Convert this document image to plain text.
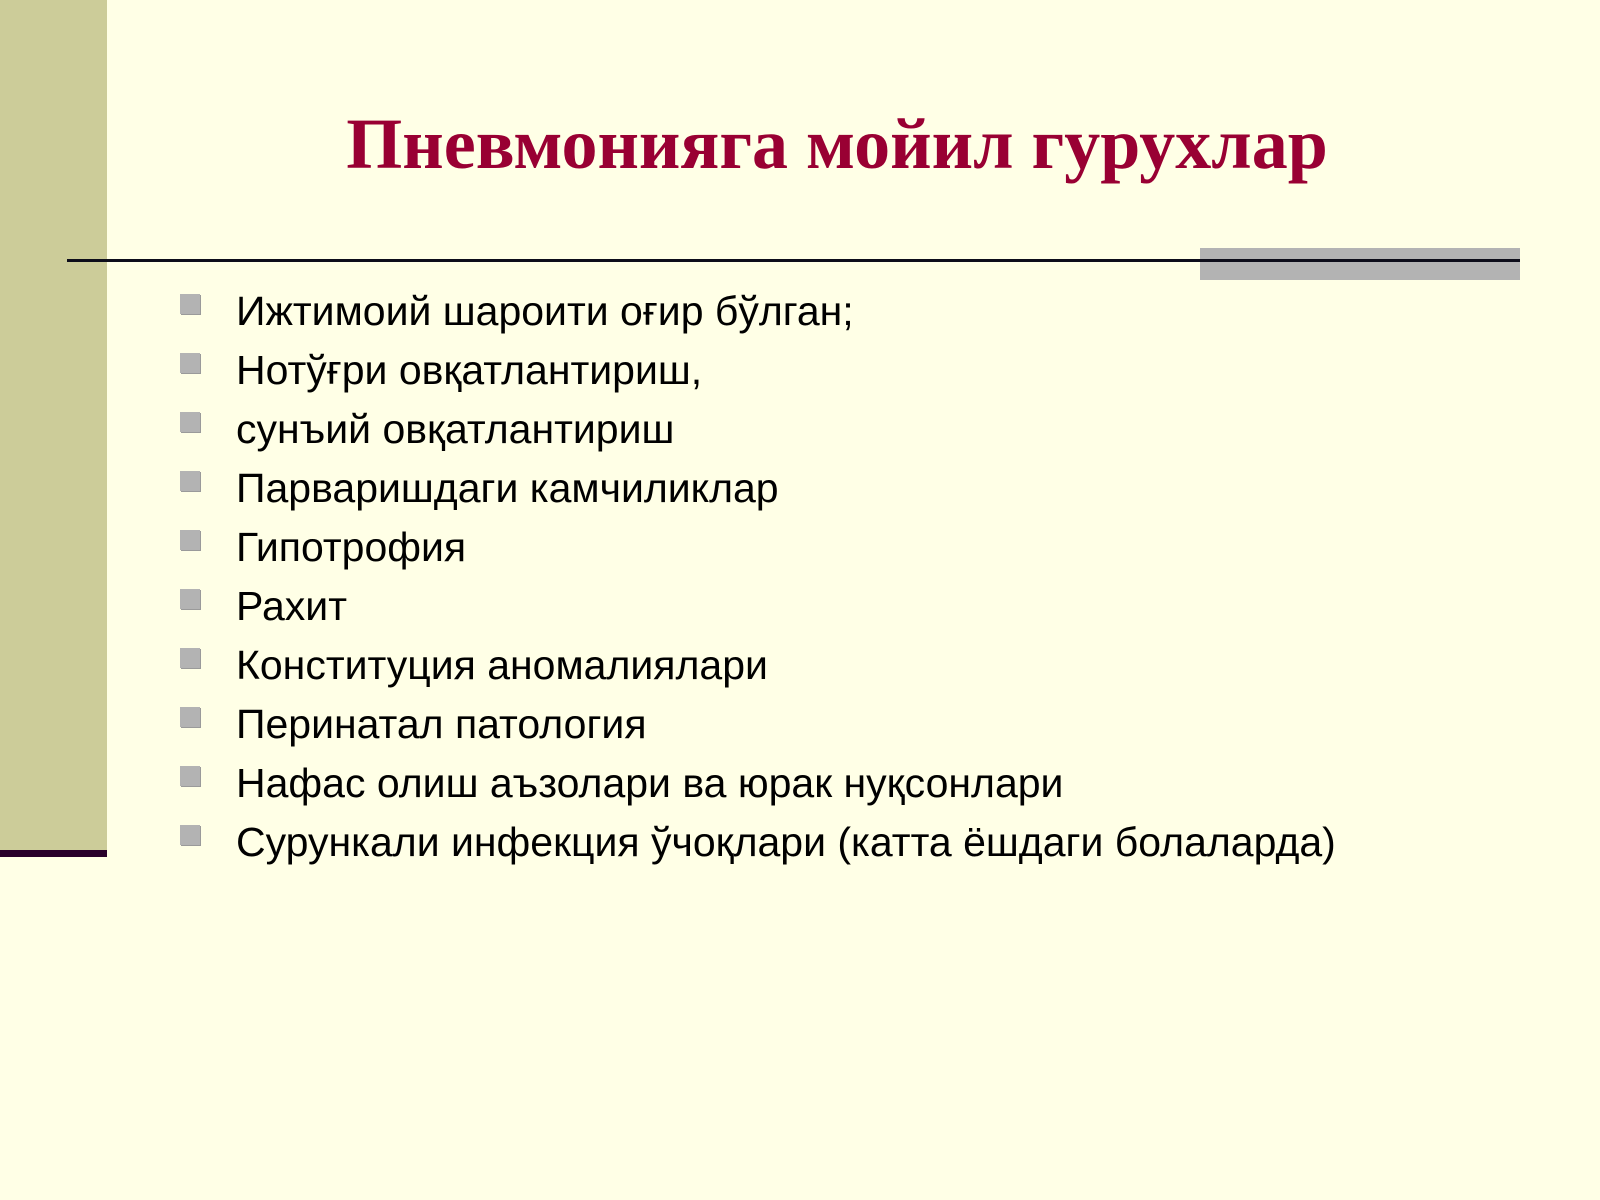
Пневмонияга мойил гурухлар
Ижтимоий шароити оғир бўлган;
Нотўғри овқатлантириш,
сунъий овқатлантириш
Парваришдаги камчиликлар
Гипотрофия
Рахит
Конституция аномалиялари
Перинатал патология
Нафас олиш аъзолари ва юрак нуқсонлари
Сурункали инфекция ўчоқлари (катта ёшдаги болаларда)
